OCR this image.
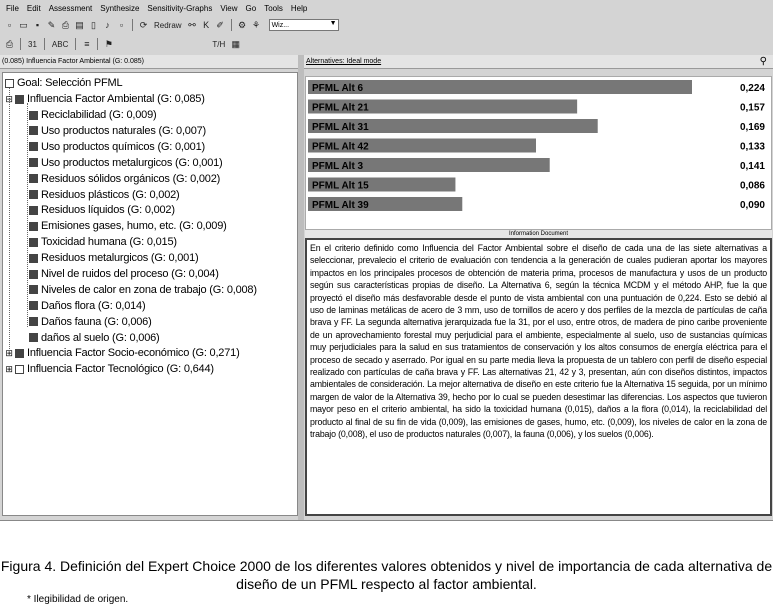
File Edit Assessment Synthesize Sensitivity-Graphs View Go Tools Help
▫ ▭ ▪ ✎ ⎙ ▤ ▯	♪	▫	⟳ Redraw ⚯ K ✐ ⚙ ⚘ Wiz...	▼
⎙ 31 ABC	≡	⚑	T/H ▦
(0.085) Influencia Factor Ambiental (G: 0.085)	Alternatives: Ideal mode	⚲
Goal: Selección PFML
⊟ Influencia Factor Ambiental (G: 0,085)
Reciclabilidad (G: 0,009)
Uso productos naturales (G: 0,007)
Uso productos químicos (G: 0,001)
Uso productos metalurgicos (G: 0,001)
Residuos sólidos orgánicos (G: 0,002)
Residuos plásticos (G: 0,002)
Residuos líquidos (G: 0,002)
Emisiones gases, humo, etc. (G: 0,009)
Toxicidad humana (G: 0,015)
Residuos metalurgicos (G: 0,001)
Nivel de ruidos del proceso (G: 0,004)
Niveles de calor en zona de trabajo (G: 0,008)
Daños flora (G: 0,014)
Daños fauna (G: 0,006)
daños al suelo (G: 0,006)
⊞ Influencia Factor Socio-económico (G: 0,271)
⊞ Influencia Factor Tecnológico (G: 0,644)
PFML Alt 6	0,224
PFML Alt 21	0,157
PFML Alt 31	0,169
PFML Alt 42	0,133
PFML Alt 3	0,141
PFML Alt 15	0,086
PFML Alt 39	0,090
Information Document
En el criterio definido como Influencia del Factor Ambiental sobre el diseño de cada una de las siete alternativas a seleccionar, prevalecio el criterio de evaluación con tendencia a la generación de cuales pudieran aportar los mayores impactos en los principales procesos de obtención de materia prima, procesos de manufactura y usos de un producto según sus características propias de diseño. La Alternativa 6, según la técnica MCDM y el método AHP, fue la que proyectó el diseño más desfavorable desde el punto de vista ambiental con una puntuación de 0,224. Esto se debió al uso de laminas metálicas de acero de 3 mm, uso de tornillos de acero y dos perfiles de la mezcla de partículas de caña brava y FF. La segunda alternativa jerarquizada fue la 31, por el uso, entre otros, de madera de pino caribe proveniente de un aprovechamiento forestal muy perjudicial para el ambiente, especialmente al suelo, uso de sustancias químicas muy perjudiciales para la salud en sus tratamientos de conservación y los altos consumos de energía eléctrica para el proceso de secado y aserrado. Por igual en su parte media lleva la propuesta de un tablero con perfil de diseño especial realizado con partículas de caña brava y FF. Las alternativas 21, 42 y 3, presentan, aún con diseños distintos, impactos ambientales de consideración. La mejor alternativa de diseño en este criterio fue la Alternativa 15 seguida, por un mínimo margen de valor de la Alternativa 39, hecho por lo cual se pueden desestimar las diferencias. Los aspectos que tuvieron mayor peso en el criterio ambiental, ha sido la toxicidad humana (0,015), daños a la flora (0,014), la reciclabilidad del producto al final de su fin de vida (0,009), las emisiones de gases, humo, etc. (0,009), los niveles de calor en la zona de trabajo (0,008), el uso de productos naturales (0,007), la fauna (0,006), y los suelos (0,006).
Figura 4. Definición del Expert Choice 2000 de los diferentes valores obtenidos y nivel de importancia de cada alternativa de diseño de un PFML respecto al factor ambiental.
* Ilegibilidad de origen.
